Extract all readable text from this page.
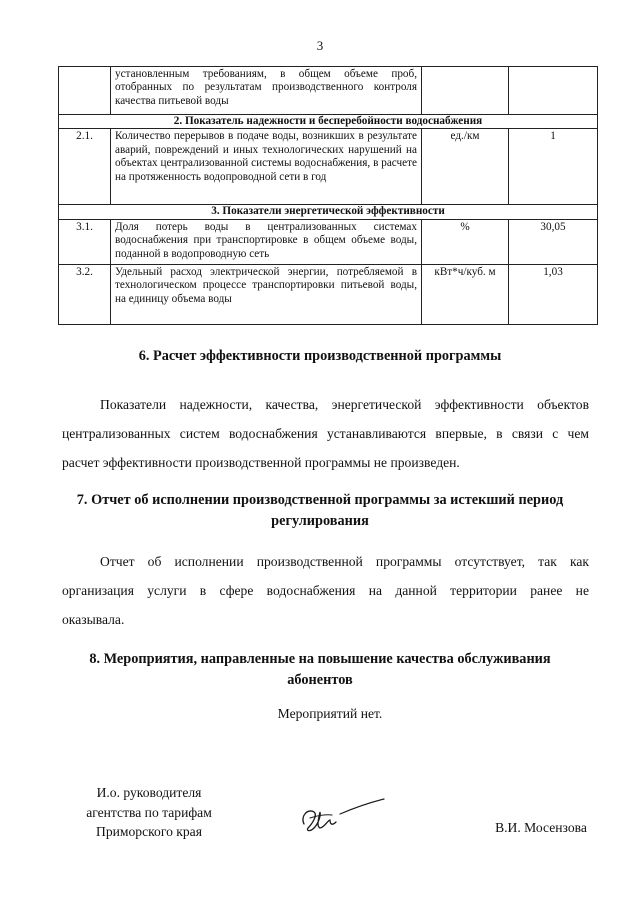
3
	установленным требованиям, в общем объеме проб, отобранных по результатам производственного контроля качества питьевой воды		
2. Показатель надежности и бесперебойности водоснабжения			
2.1.	Количество перерывов в подаче воды, возникших в результате аварий, повреждений и иных технологических нарушений на объектах централизованной системы водоснабжения, в расчете на протяженность водопроводной сети в год	ед./км	1
3. Показатели энергетической эффективности			
3.1.	Доля потерь воды в централизованных системах водоснабжения при транспортировке в общем объеме воды, поданной в водопроводную сеть	%	30,05
3.2.	Удельный расход электрической энергии, потребляемой в технологическом процессе транспортировки питьевой воды, на единицу объема воды	кВт*ч/куб. м	1,03
6. Расчет эффективности производственной программы
Показатели надежности, качества, энергетической эффективности объектов
централизованных систем водоснабжения устанавливаются впервые, в связи с чем
расчет эффективности производственной программы не произведен.
7. Отчет об исполнении производственной программы за истекший период
регулирования
Отчет об исполнении производственной программы отсутствует, так как
организация услуги в сфере водоснабжения на данной территории ранее не
оказывала.
8. Мероприятия, направленные на повышение качества обслуживания
абонентов
Мероприятий нет.
И.о. руководителя
агентства по тарифам
Приморского края	В.И. Мосензова
